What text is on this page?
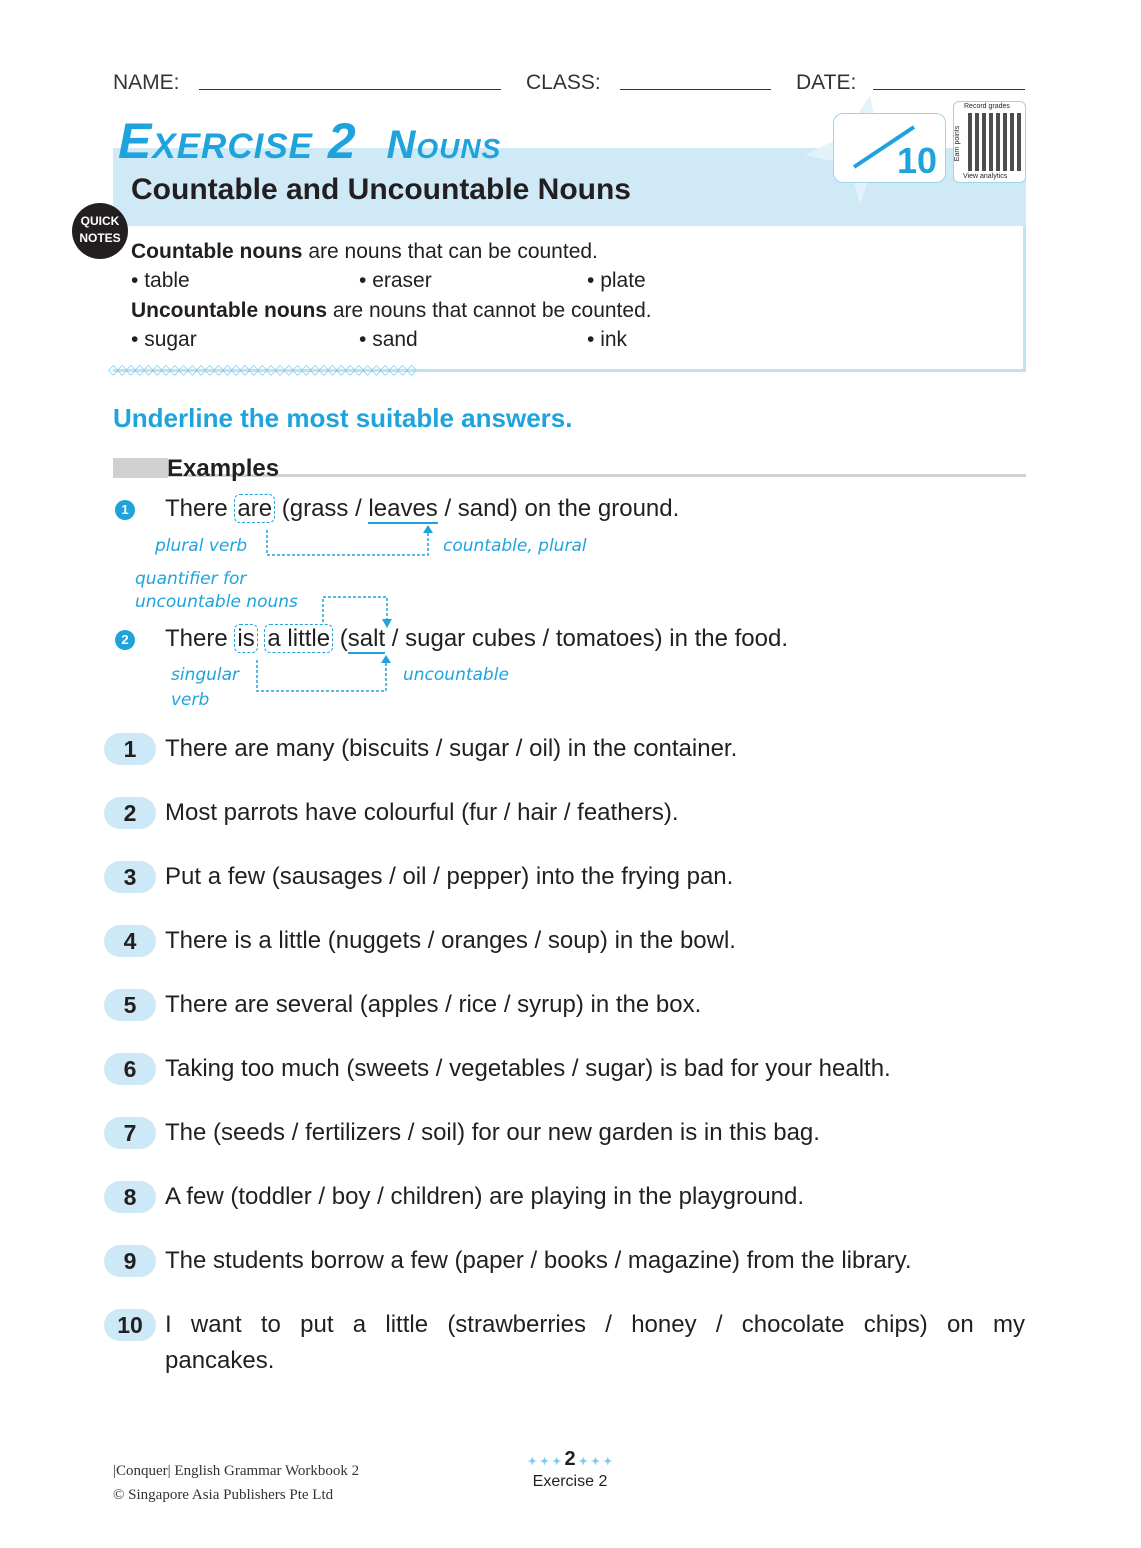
NAME:	CLASS:	DATE:
Exercise 2 Nouns
Countable and Uncountable Nouns
10
Record grades
Earn points
View analytics
◇◇◇◇◇◇◇◇◇◇◇◇◇◇◇◇◇◇◇◇◇◇◇◇◇◇◇◇◇◇◇◇◇◇◇
QUICK NOTES
Countable nouns are nouns that can be counted.
• table	• eraser	• plate
Uncountable nouns are nouns that cannot be counted.
• sugar	• sand	• ink
Underline the most suitable answers.
Examples
1 There are (grass / leaves / sand) on the ground.
plural verb	countable, plural
quantifier for
uncountable nouns
2 There is a little (salt / sugar cubes / tomatoes) in the food.
singular
verb
uncountable
1	There are many (biscuits / sugar / oil) in the container.
2	Most parrots have colourful (fur / hair / feathers).
3	Put a few (sausages / oil / pepper) into the frying pan.
4	There is a little (nuggets / oranges / soup) in the bowl.
5	There are several (apples / rice / syrup) in the box.
6	Taking too much (sweets / vegetables / sugar) is bad for your health.
7	The (seeds / fertilizers / soil) for our new garden is in this bag.
8	A few (toddler / boy / children) are playing in the playground.
9	The students borrow a few (paper / books / magazine) from the library.
10 I want to put a little (strawberries / honey / chocolate chips) on my
pancakes.
|Conquer| English Grammar Workbook 2
© Singapore Asia Publishers Pte Ltd
✦ ✦ ✦ 2 ✦ ✦ ✦
Exercise 2
